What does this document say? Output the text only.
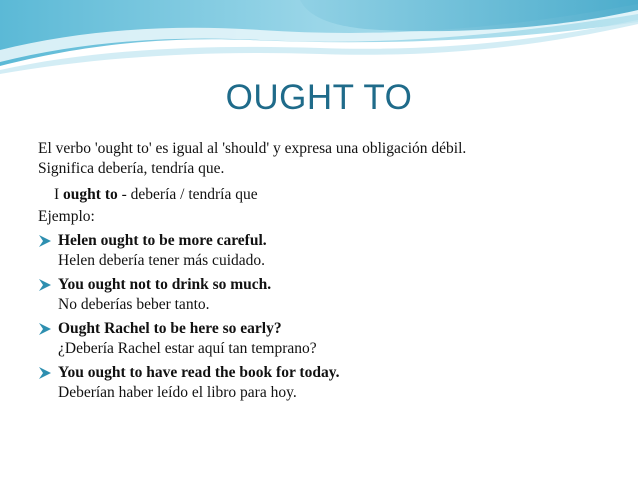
OUGHT TO
El verbo 'ought to' es igual al 'should' y expresa una obligación débil.
Significa debería, tendría que.
I ought to - debería / tendría que
Ejemplo:
Helen ought to be more careful.
Helen debería tener más cuidado.
You ought not to drink so much.
No deberías beber tanto.
Ought Rachel to be here so early?
¿Debería Rachel estar aquí tan temprano?
You ought to have read the book for today.
Deberían haber leído el libro para hoy.
